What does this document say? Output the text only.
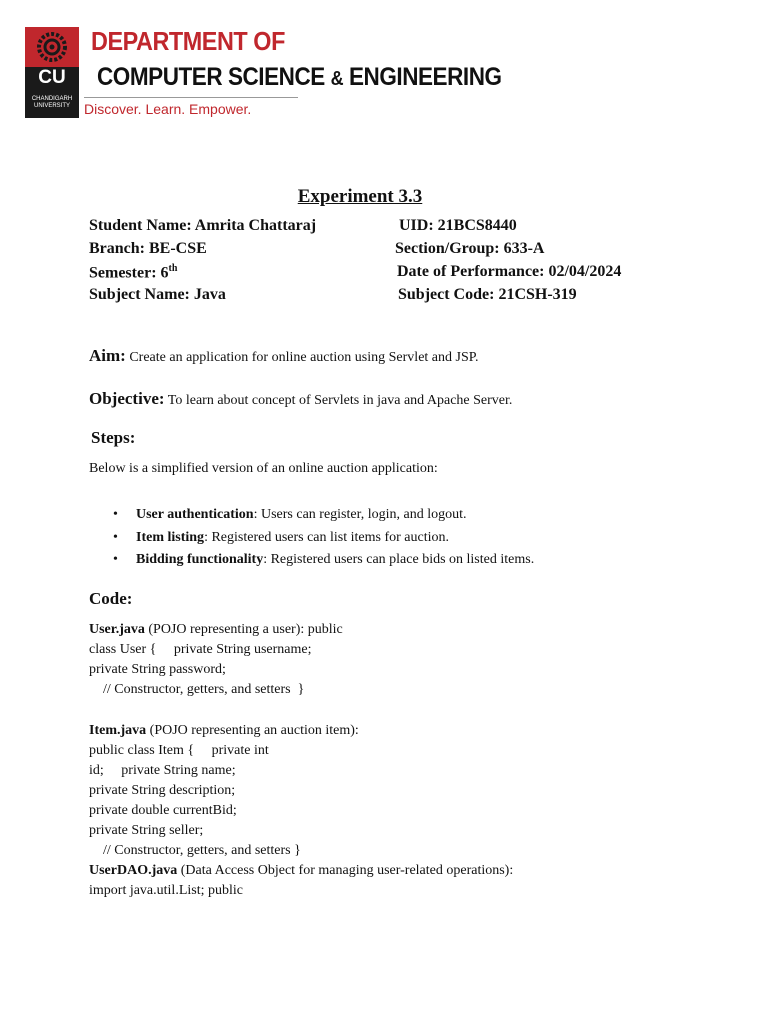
CU
CHANDIGARH UNIVERSITY
DEPARTMENT OF
COMPUTER SCIENCE & ENGINEERING
Discover. Learn. Empower.
Experiment 3.3
Student Name: Amrita Chattaraj	UID: 21BCS8440
Branch: BE-CSE	Section/Group: 633-A
Semester: 6th	Date of Performance: 02/04/2024
Subject Name: Java	Subject Code: 21CSH-319
Aim: Create an application for online auction using Servlet and JSP.
Objective: To learn about concept of Servlets in java and Apache Server.
Steps:
Below is a simplified version of an online auction application:
•	User authentication: Users can register, login, and logout.
•	Item listing: Registered users can list items for auction.
•	Bidding functionality: Registered users can place bids on listed items.
Code:
User.java (POJO representing a user): public
class User {     private String username;
private String password;
// Constructor, getters, and setters  }
Item.java (POJO representing an auction item):
public class Item {     private int
id;     private String name;
private String description;
private double currentBid;
private String seller;
// Constructor, getters, and setters }
UserDAO.java (Data Access Object for managing user-related operations):
import java.util.List; public
